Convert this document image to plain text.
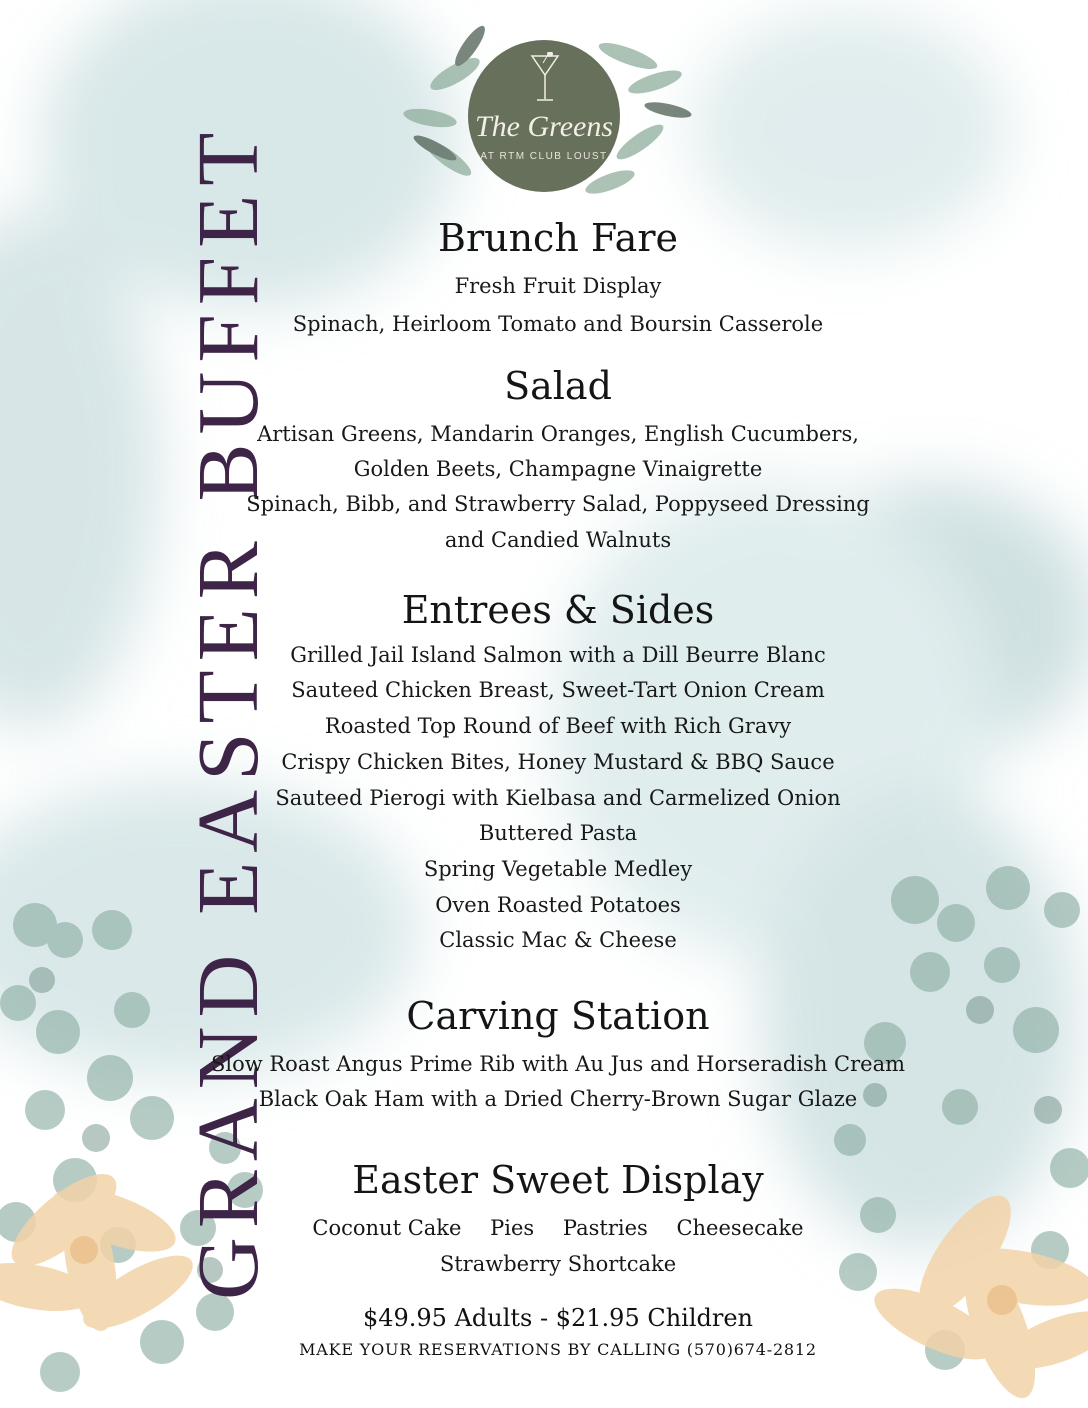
The Greens
AT RTM CLUB LOUST
GRAND EASTER BUFFET	Brunch Fare

Fresh Fruit Display

Spinach, Heirloom Tomato and Boursin Casserole

Salad

Artisan Greens, Mandarin Oranges, English Cucumbers,

Golden Beets, Champagne Vinaigrette

Spinach, Bibb, and Strawberry Salad, Poppyseed Dressing

and Candied Walnuts

Entrees & Sides

Grilled Jail Island Salmon with a Dill Beurre Blanc

Sauteed Chicken Breast, Sweet-Tart Onion Cream

Roasted Top Round of Beef with Rich Gravy

Crispy Chicken Bites, Honey Mustard & BBQ Sauce

Sauteed Pierogi with Kielbasa and Carmelized Onion

Buttered Pasta

Spring Vegetable Medley

Oven Roasted Potatoes

Classic Mac & Cheese

Carving Station

Slow Roast Angus Prime Rib with Au Jus and Horseradish Cream

Black Oak Ham with a Dried Cherry-Brown Sugar Glaze

Easter Sweet Display
Coconut Cake Pies Pastries Cheesecake

Strawberry Shortcake

$49.95 Adults - $21.95 Children
MAKE YOUR RESERVATIONS BY CALLING (570)674-2812
